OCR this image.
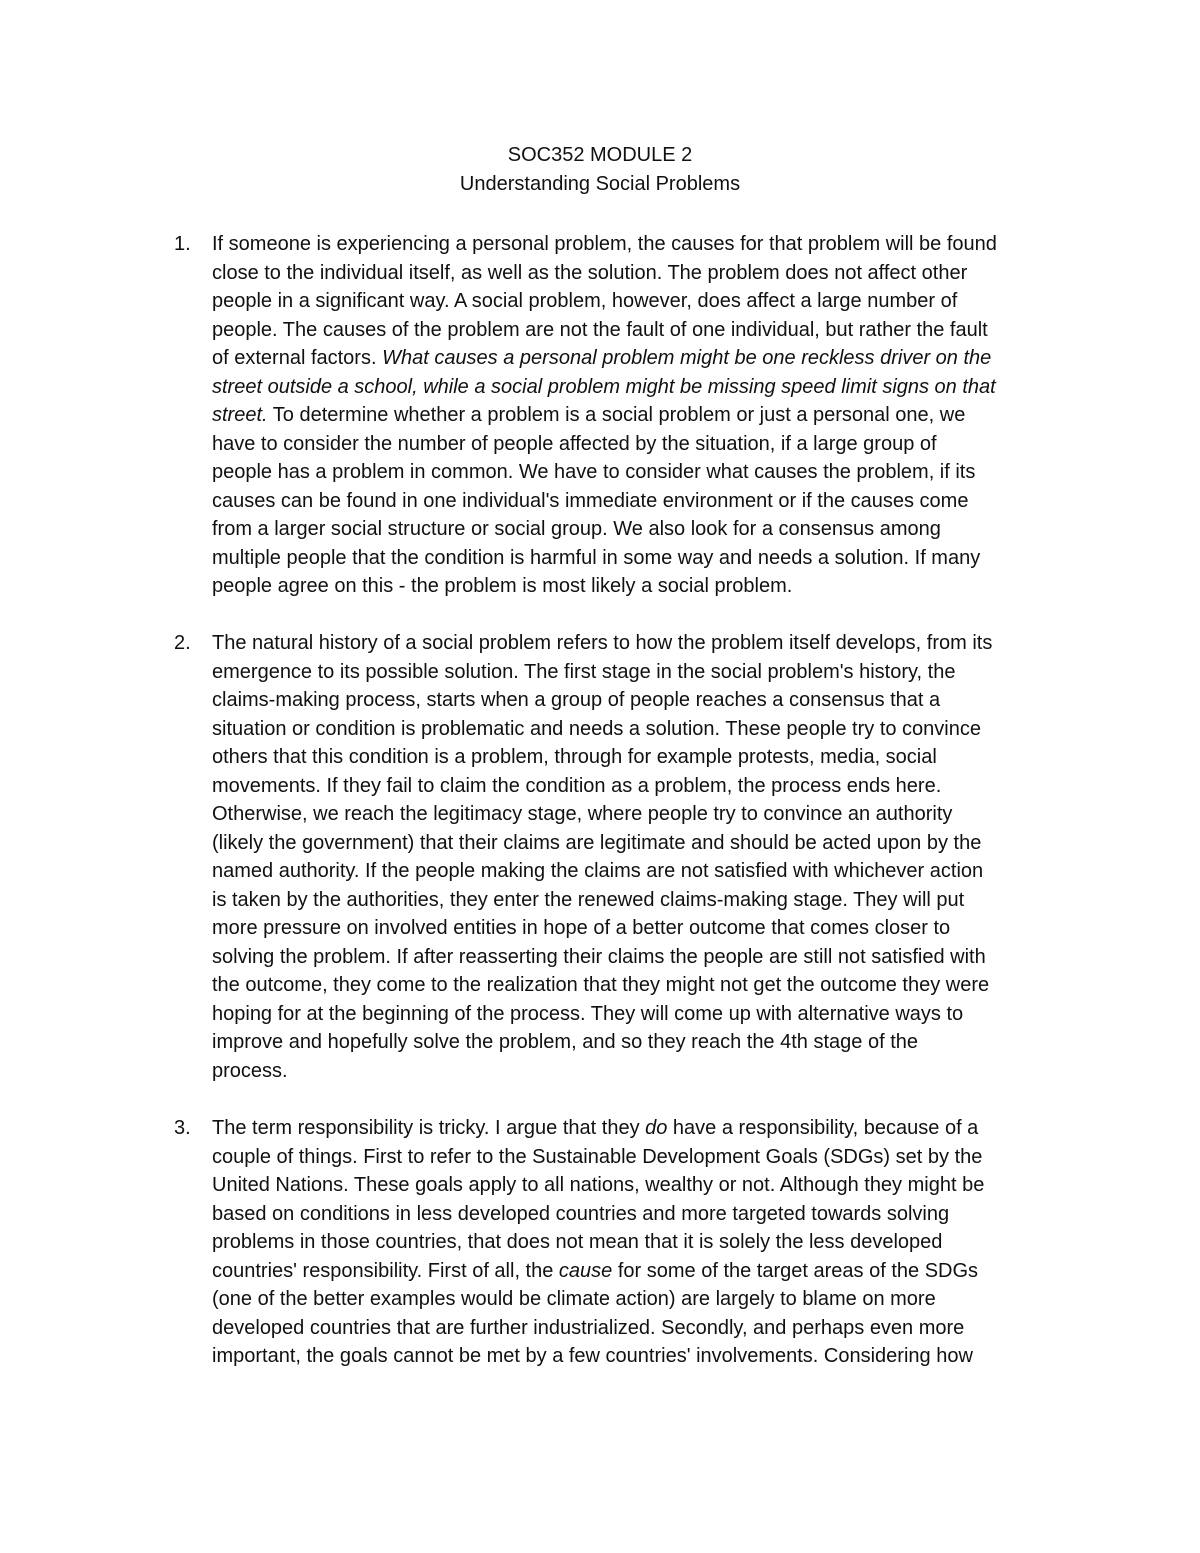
SOC352 MODULE 2
Understanding Social Problems
1. If someone is experiencing a personal problem, the causes for that problem will be found
close to the individual itself, as well as the solution. The problem does not affect other
people in a significant way. A social problem, however, does affect a large number of
people. The causes of the problem are not the fault of one individual, but rather the fault
of external factors. What causes a personal problem might be one reckless driver on the
street outside a school, while a social problem might be missing speed limit signs on that
street. To determine whether a problem is a social problem or just a personal one, we
have to consider the number of people affected by the situation, if a large group of
people has a problem in common. We have to consider what causes the problem, if its
causes can be found in one individual's immediate environment or if the causes come
from a larger social structure or social group. We also look for a consensus among
multiple people that the condition is harmful in some way and needs a solution. If many
people agree on this - the problem is most likely a social problem.
2. The natural history of a social problem refers to how the problem itself develops, from its
emergence to its possible solution. The first stage in the social problem's history, the
claims-making process, starts when a group of people reaches a consensus that a
situation or condition is problematic and needs a solution. These people try to convince
others that this condition is a problem, through for example protests, media, social
movements. If they fail to claim the condition as a problem, the process ends here.
Otherwise, we reach the legitimacy stage, where people try to convince an authority
(likely the government) that their claims are legitimate and should be acted upon by the
named authority. If the people making the claims are not satisfied with whichever action
is taken by the authorities, they enter the renewed claims-making stage. They will put
more pressure on involved entities in hope of a better outcome that comes closer to
solving the problem. If after reasserting their claims the people are still not satisfied with
the outcome, they come to the realization that they might not get the outcome they were
hoping for at the beginning of the process. They will come up with alternative ways to
improve and hopefully solve the problem, and so they reach the 4th stage of the
process.
3. The term responsibility is tricky. I argue that they do have a responsibility, because of a
couple of things. First to refer to the Sustainable Development Goals (SDGs) set by the
United Nations. These goals apply to all nations, wealthy or not. Although they might be
based on conditions in less developed countries and more targeted towards solving
problems in those countries, that does not mean that it is solely the less developed
countries' responsibility. First of all, the cause for some of the target areas of the SDGs
(one of the better examples would be climate action) are largely to blame on more
developed countries that are further industrialized. Secondly, and perhaps even more
important, the goals cannot be met by a few countries' involvements. Considering how
